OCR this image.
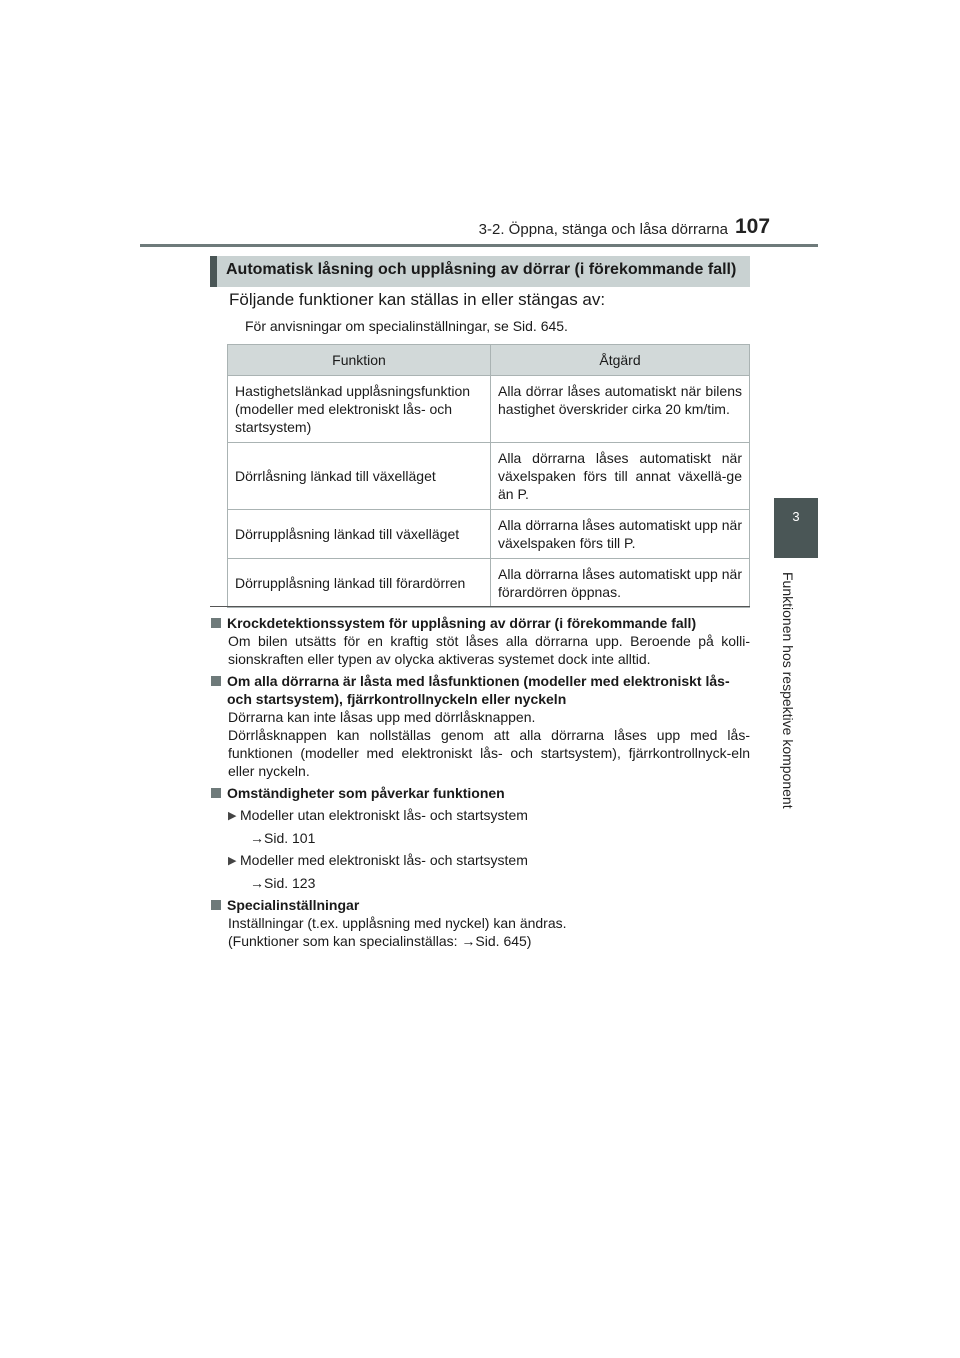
3-2. Öppna, stänga och låsa dörrarna 107
3
Funktionen hos respektive komponent
Automatisk låsning och upplåsning av dörrar (i förekommande fall)
Följande funktioner kan ställas in eller stängas av:
För anvisningar om specialinställningar, se Sid. 645.
Funktion	Åtgärd
Hastighetslänkad upplåsningsfunktion (modeller med elektroniskt lås- och startsystem)	Alla dörrar låses automatiskt när bilens hastighet överskrider cirka 20 km/tim.
Dörrlåsning länkad till växelläget	Alla dörrarna låses automatiskt när växelspaken förs till annat växellä-ge än P.
Dörrupplåsning länkad till växelläget	Alla dörrarna låses automatiskt upp när växelspaken förs till P.
Dörrupplåsning länkad till förardörren	Alla dörrarna låses automatiskt upp när förardörren öppnas.
Krockdetektionssystem för upplåsning av dörrar (i förekommande fall)

Om bilen utsätts för en kraftig stöt låses alla dörrarna upp. Beroende på kolli-sionskraften eller typen av olycka aktiveras systemet dock inte alltid.

Om alla dörrarna är låsta med låsfunktionen (modeller med elektroniskt lås- och startsystem), fjärrkontrollnyckeln eller nyckeln

Dörrarna kan inte låsas upp med dörrlåsknappen.

Dörrlåsknappen kan nollställas genom att alla dörrarna låses upp med lås-funktionen (modeller med elektroniskt lås- och startsystem), fjärrkontrollnyck-eln eller nyckeln.

Omständigheter som påverkar funktionen
▶ Modeller utan elektroniskt lås- och startsystem
→Sid. 101
▶ Modeller med elektroniskt lås- och startsystem
→Sid. 123
Specialinställningar

Inställningar (t.ex. upplåsning med nyckel) kan ändras.

(Funktioner som kan specialinställas: →Sid. 645)
